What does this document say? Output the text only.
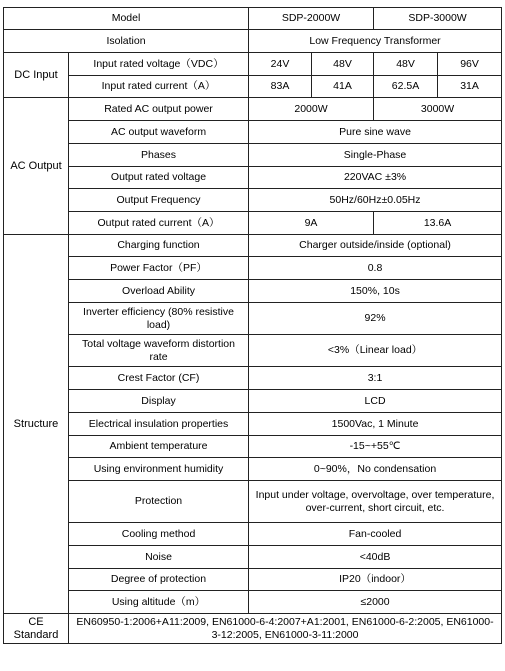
Model		SDP-2000W		SDP-3000W	
Isolation		Low Frequency Transformer			
DC Input	Input rated voltage（VDC）	24V	48V	48V	96V
	Input rated current（A）	83A	41A	62.5A	31A
AC Output	Rated AC output power	2000W		3000W	
	AC output waveform	Pure sine wave			
	Phases	Single-Phase			
	Output rated voltage	220VAC ±3%			
	Output Frequency	50Hz/60Hz±0.05Hz			
	Output rated current（A）	9A		13.6A	
Structure	Charging function	Charger outside/inside (optional)			
	Power Factor（PF）	0.8			
	Overload Ability	150%, 10s			
	Inverter efficiency (80% resistive load)	92%			
	Total voltage waveform distortion rate	<3%（Linear load）			
	Crest Factor (CF)	3:1			
	Display	LCD			
	Electrical insulation properties	1500Vac, 1 Minute			
	Ambient temperature	-15~+55℃			
	Using environment humidity	0~90%，No condensation			
	Protection	Input under voltage, overvoltage, over temperature, over-current, short circuit, etc.			
	Cooling method	Fan-cooled			
	Noise	<40dB			
	Degree of protection	IP20（indoor）			
	Using altitude（m）	≤2000			
CE Standard	EN60950-1:2006+A11:2009, EN61000-6-4:2007+A1:2001, EN61000-6-2:2005, EN61000-3-12:2005, EN61000-3-11:2000				
